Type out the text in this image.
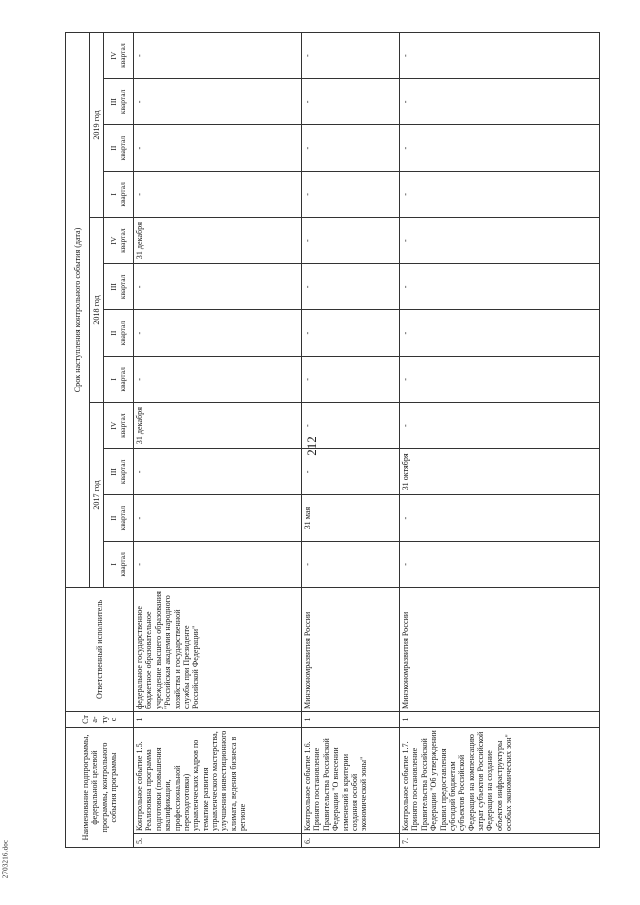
212
2703216.doc
Наименование подпрограммы, федеральной целевой программы, контрольного события программы		Ста-тус	Ответственный исполнитель	Срок наступления контрольного события (дата)											
				2017 год				2018 год				2019 год			
				I
квартал	II
квартал	III
квартал	IV
квартал	I
квартал	II
квартал	III
квартал	IV
квартал	I
квартал	II
квартал	III
квартал	IV
квартал
5.	Контрольное событие 1.5. Реализована программа подготовки (повышения квалификации, профессиональной переподготовки) управленческих кадров по тематике развития управленческого мастерства, улучшения инвестиционного климата, ведения бизнеса в регионе	1	федеральное государственное бюджетное образовательное учреждение высшего образования "Российская академия народного хозяйства и государственной службы при Президенте Российской Федерации"	-	-	-	31 декабря	-	-	-	31 декабря	-	-	-	-
6.	Контрольное событие 1.6. Принято постановление Правительства Российской Федерации "О внесении изменений в критерии создания особой экономической зоны"	1	Минэкономразвития России	-	31 мая	-	-	-	-	-	-	-	-	-	-
7.	Контрольное событие 1.7. Принято постановление Правительства Российской Федерации "Об утверждении Правил предоставления субсидий бюджетам субъектов Российской Федерации на компенсацию затрат субъектов Российской Федерации на создание объектов инфраструктуры особых экономических зон"	1	Минэкономразвития России	-	-	31 октября	-	-	-	-	-	-	-	-	-
